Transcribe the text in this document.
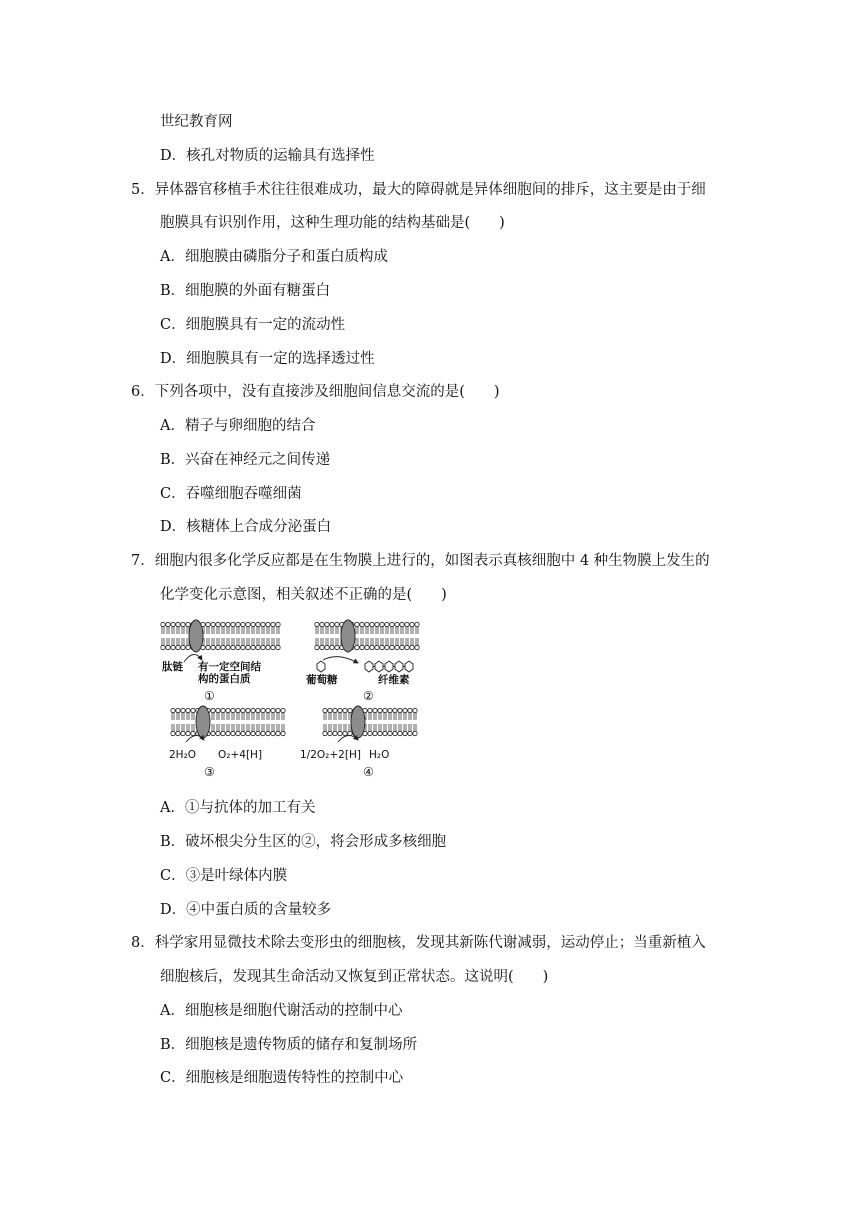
世纪教育网
D．核孔对物质的运输具有选择性
5．异体器官移植手术往往很难成功，最大的障碍就是异体细胞间的排斥，这主要是由于细
胞膜具有识别作用，这种生理功能的结构基础是(　　)
A．细胞膜由磷脂分子和蛋白质构成
B．细胞膜的外面有糖蛋白
C．细胞膜具有一定的流动性
D．细胞膜具有一定的选择透过性
6．下列各项中，没有直接涉及细胞间信息交流的是(　　)
A．精子与卵细胞的结合
B．兴奋在神经元之间传递
C．吞噬细胞吞噬细菌
D．核糖体上合成分泌蛋白
7．细胞内很多化学反应都是在生物膜上进行的，如图表示真核细胞中 4 种生物膜上发生的
化学变化示意图，相关叙述不正确的是(　　)
肽链 有一定空间结
构的蛋白质
①
葡萄糖	纤维素
②
2H₂O O₂+4[H]
③
1/2O₂+2[H] H₂O
④
A．①与抗体的加工有关
B．破坏根尖分生区的②，将会形成多核细胞
C．③是叶绿体内膜
D．④中蛋白质的含量较多
8．科学家用显微技术除去变形虫的细胞核，发现其新陈代谢减弱，运动停止；当重新植入
细胞核后，发现其生命活动又恢复到正常状态。这说明(　　)
A．细胞核是细胞代谢活动的控制中心
B．细胞核是遗传物质的储存和复制场所
C．细胞核是细胞遗传特性的控制中心
